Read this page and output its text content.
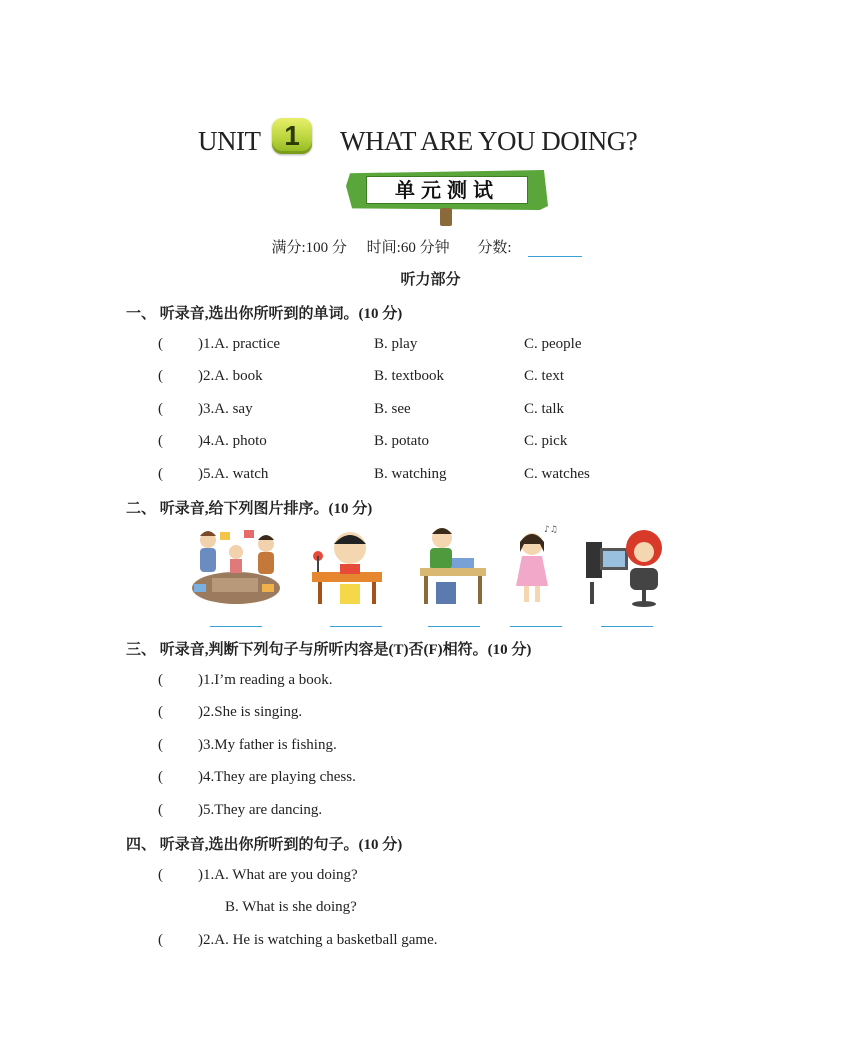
UNIT 1	WHAT ARE YOU DOING?
单元测试
满分:100 分 时间:60 分钟 分数:
听力部分
一、 听录音,选出你所听到的单词。(10 分)
( )1.A. practice	B. play	C. people
( )2.A. book	B. textbook	C. text
( )3.A. say	B. see	C. talk
( )4.A. photo	B. potato	C. pick
( )5.A. watch	B. watching	C. watches
二、 听录音,给下列图片排序。(10 分)
♪♫
三、 听录音,判断下列句子与所听内容是(T)否(F)相符。(10 分)
( )1.I’m reading a book.
( )2.She is singing.
( )3.My father is fishing.
( )4.They are playing chess.
( )5.They are dancing.
四、 听录音,选出你所听到的句子。(10 分)
( )1.A. What are you doing?
B. What is she doing?
( )2.A. He is watching a basketball game.
